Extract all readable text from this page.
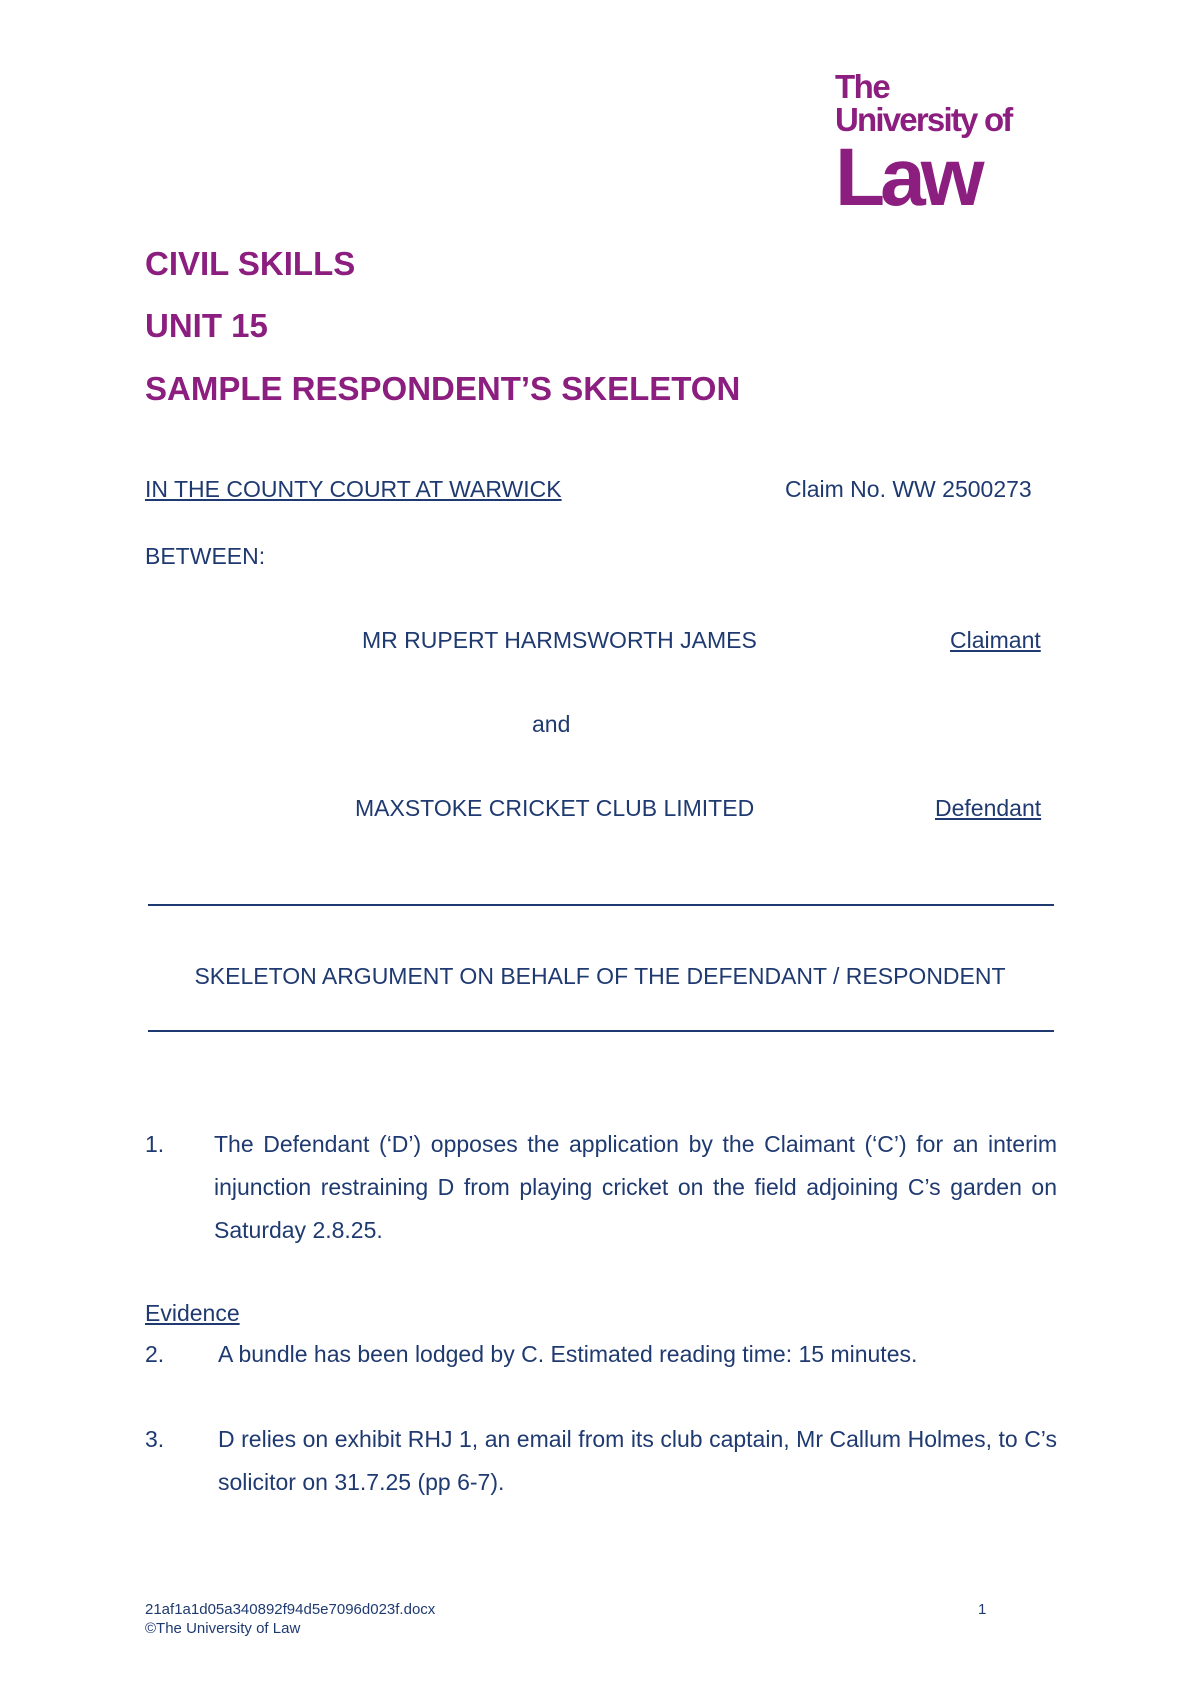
The
University of
Law
CIVIL SKILLS
UNIT 15
SAMPLE RESPONDENT’S SKELETON
IN THE COUNTY COURT AT WARWICK	Claim No. WW 2500273
BETWEEN:
MR RUPERT HARMSWORTH JAMES	Claimant
and
MAXSTOKE CRICKET CLUB LIMITED	Defendant
SKELETON ARGUMENT ON BEHALF OF THE DEFENDANT / RESPONDENT
1. The Defendant (‘D’) opposes the application by the Claimant (‘C’) for an interim injunction restraining D from playing cricket on the field adjoining C’s garden on Saturday 2.8.25.
Evidence
2. A bundle has been lodged by C. Estimated reading time: 15 minutes.
3. D relies on exhibit RHJ 1, an email from its club captain, Mr Callum Holmes, to C’s solicitor on 31.7.25 (pp 6-7).
21af1a1d05a340892f94d5e7096d023f.docx
©The University of Law
1
